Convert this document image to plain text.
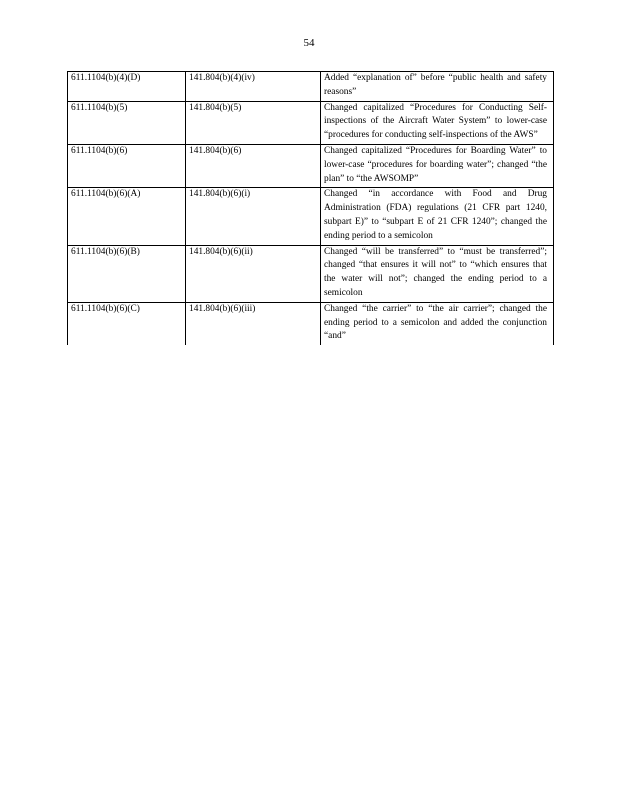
54
611.1104(b)(4)(D)	141.804(b)(4)(iv)	Added “explanation of” before “public health and safety reasons”
611.1104(b)(5)	141.804(b)(5)	Changed capitalized “Procedures for Conducting Self-inspections of the Aircraft Water System” to lower-case “procedures for conducting self-inspections of the AWS”
611.1104(b)(6)	141.804(b)(6)	Changed capitalized “Procedures for Boarding Water” to lower-case “procedures for boarding water”; changed “the plan” to “the AWSOMP”
611.1104(b)(6)(A)	141.804(b)(6)(i)	Changed “in accordance with Food and Drug Administration (FDA) regulations (21 CFR part 1240, subpart E)” to “subpart E of 21 CFR 1240”; changed the ending period to a semicolon
611.1104(b)(6)(B)	141.804(b)(6)(ii)	Changed “will be transferred” to “must be transferred”; changed “that ensures it will not” to “which ensures that the water will not”; changed the ending period to a semicolon
611.1104(b)(6)(C)	141.804(b)(6)(iii)	Changed “the carrier” to “the air carrier”; changed the ending period to a semicolon and added the conjunction “and”
